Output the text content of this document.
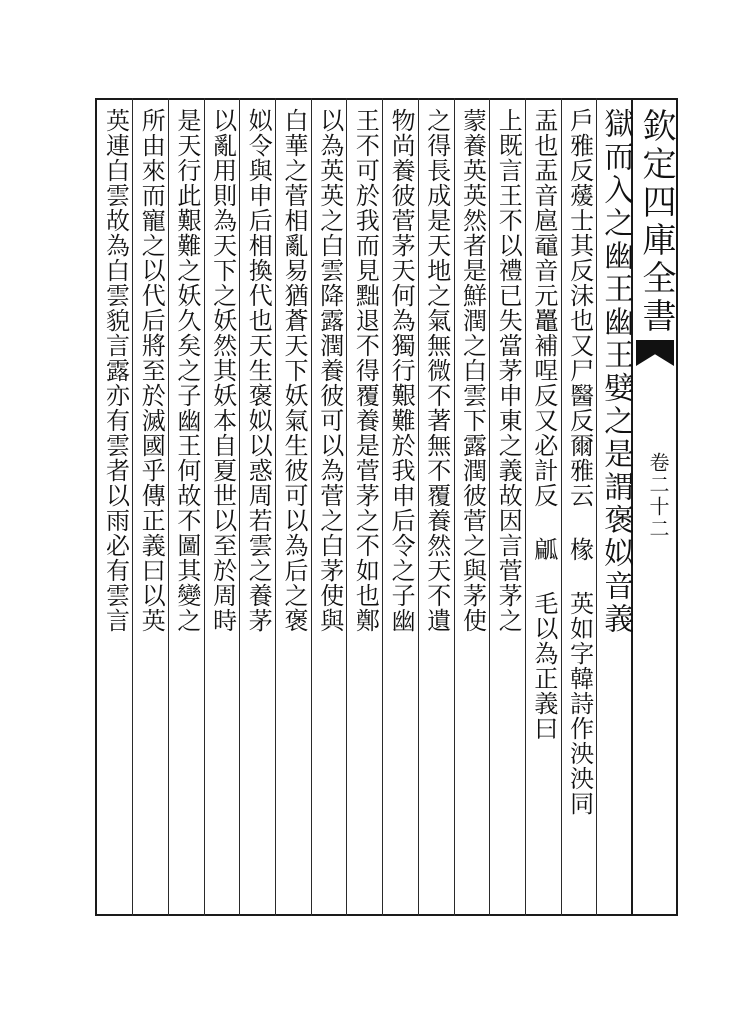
欽定四庫全書
卷二十二
獄而入之幽王幽王嬖之是謂褒姒音義
戶雅反蕿士其反沫也又尸醫反爾雅云 椽 英如字韓詩作泱泱同
盂也盂音扈黿音元鼉補㖏反又必計反 㼐 毛以為正義曰
上既言王不以禮已失當茅申東之義故因言菅茅之
蒙養英英然者是鮮潤之白雲下露潤彼菅之與茅使
之得長成是天地之氣無微不著無不覆養然天不遺
物尚養彼菅茅天何為獨行艱難於我申后令之子幽
王不可於我而見黜退不得覆養是菅茅之不如也鄭
以為英英之白雲降露潤養彼可以為菅之白茅使與
白華之菅相亂易猶蒼天下妖氣生彼可以為后之褒
姒令與申后相換代也天生褒姒以惑周若雲之養茅
以亂用則為天下之妖然其妖本自夏世以至於周時
是天行此艱難之妖久矣之子幽王何故不圖其變之
所由來而寵之以代后將至於滅國乎傳正義曰以英
英連白雲故為白雲貌言露亦有雲者以雨必有雲言
